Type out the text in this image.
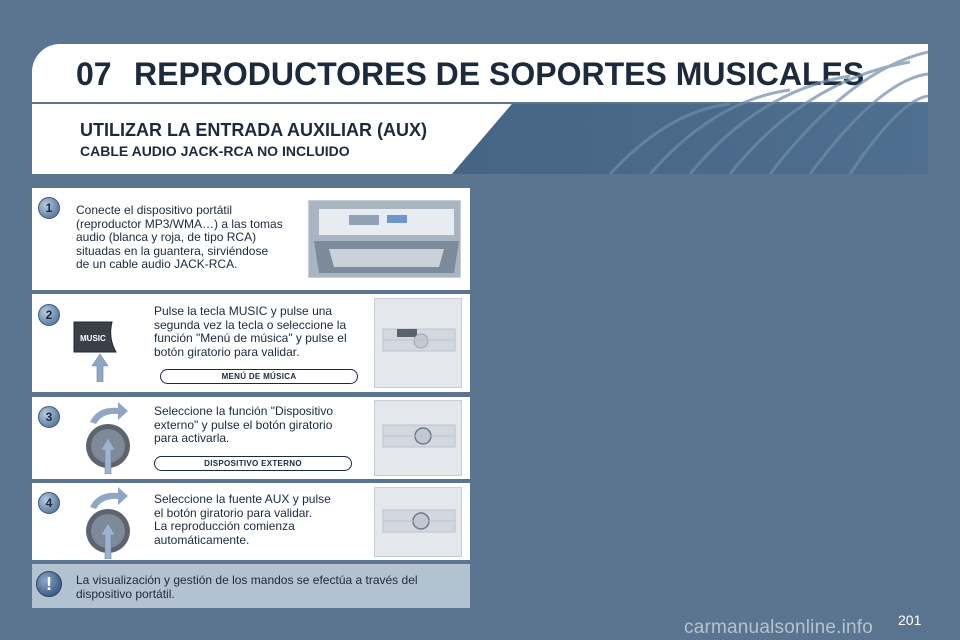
07 REPRODUCTORES DE SOPORTES MUSICALES
UTILIZAR LA ENTRADA AUXILIAR (AUX)
CABLE AUDIO JACK-RCA NO INCLUIDO
1	Conecte el dispositivo portátil
(reproductor MP3/WMA…) a las tomas
audio (blanca y roja, de tipo RCA)
situadas en la guantera, sirviéndose
de un cable audio JACK-RCA.
2
MUSIC
Pulse la tecla MUSIC y pulse una
segunda vez la tecla o seleccione la
función "Menú de música" y pulse el
botón giratorio para validar.
MENÚ DE MÚSICA
3	Seleccione la función "Dispositivo
externo" y pulse el botón giratorio
para activarla.
DISPOSITIVO EXTERNO
4	Seleccione la fuente AUX y pulse
el botón giratorio para validar.
La reproducción comienza
automáticamente.
!	La visualización y gestión de los mandos se efectúa a través del
dispositivo portátil.
carmanualsonline.info 201
